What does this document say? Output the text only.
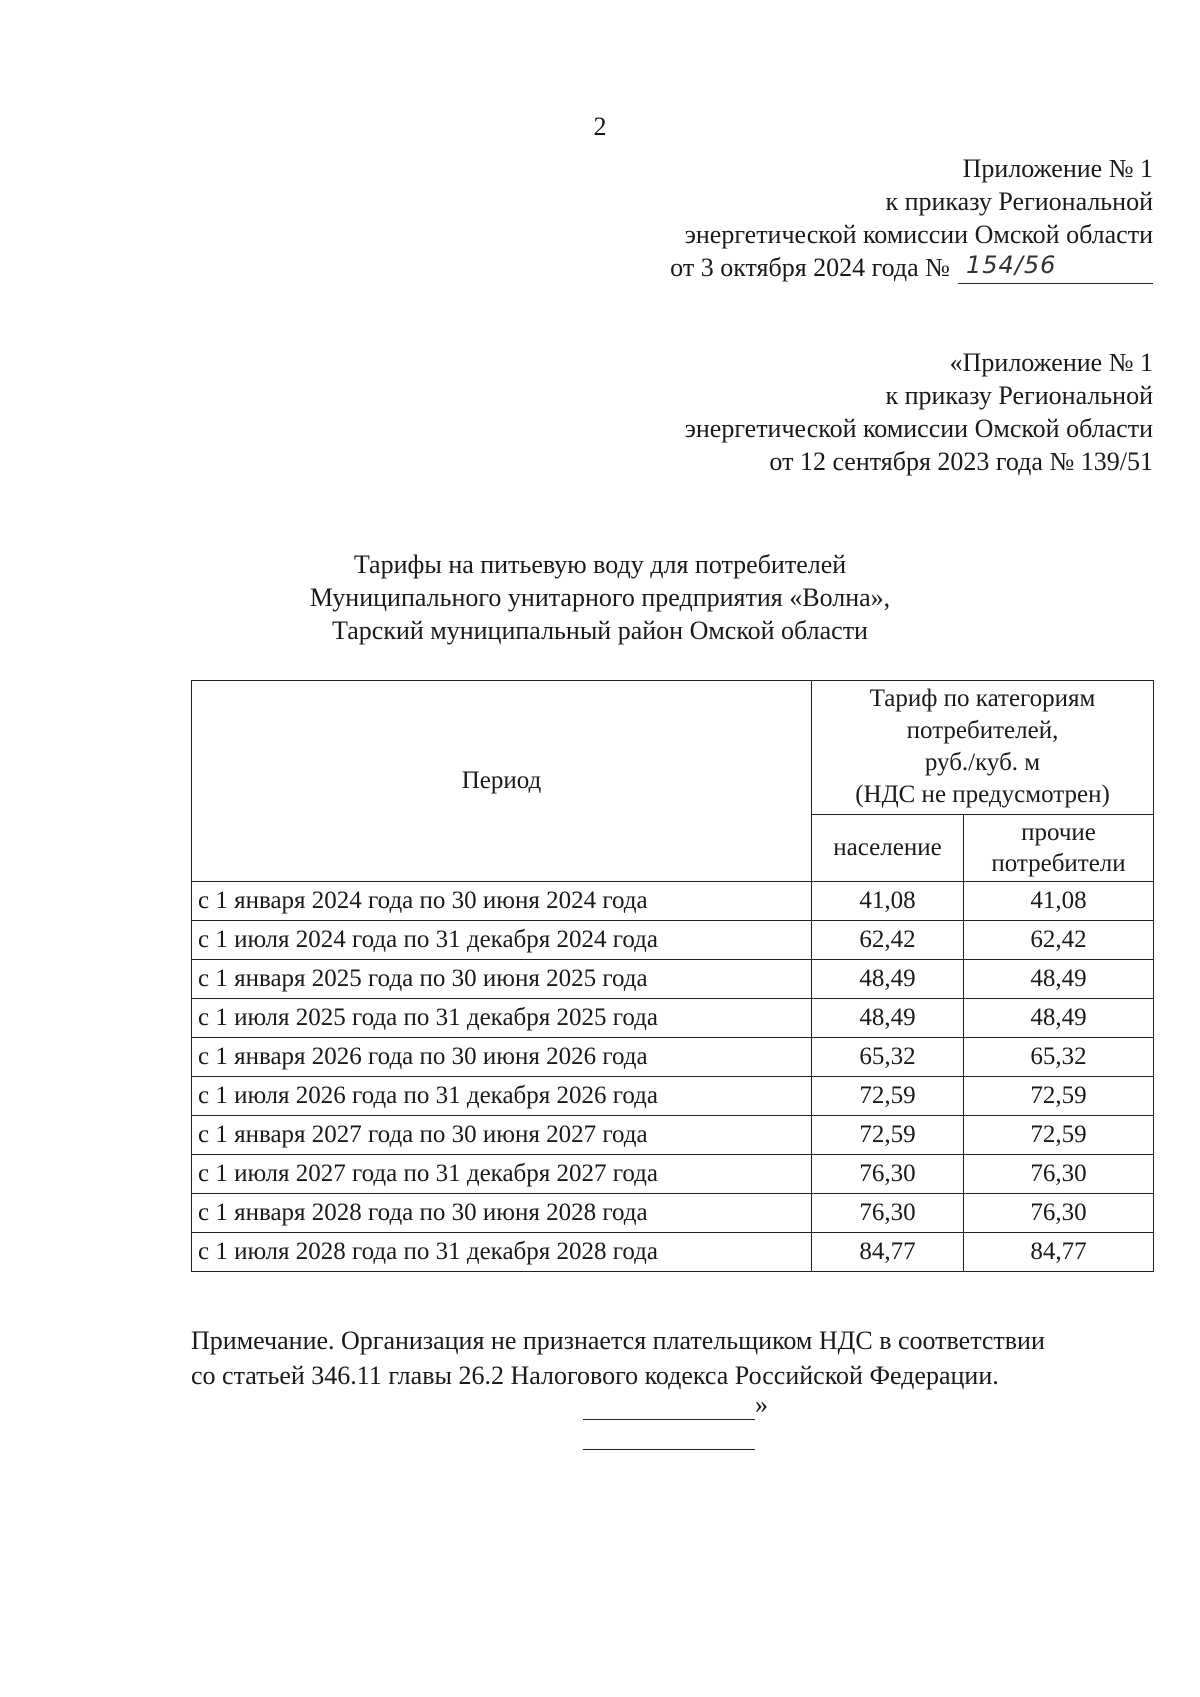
2
Приложение № 1
к приказу Региональной
энергетической комиссии Омской области
от 3 октября 2024 года № 154/56
«Приложение № 1
к приказу Региональной
энергетической комиссии Омской области
от 12 сентября 2023 года № 139/51
Тарифы на питьевую воду для потребителей
Муниципального унитарного предприятия «Волна»,
Тарский муниципальный район Омской области
Период	Тариф по категориям
потребителей,
руб./куб. м
(НДС не предусмотрен)	

	население	прочие
потребители

с 1 января 2024 года по 30 июня 2024 года	41,08	41,08
с 1 июля 2024 года по 31 декабря 2024 года	62,42	62,42
с 1 января 2025 года по 30 июня 2025 года	48,49	48,49
с 1 июля 2025 года по 31 декабря 2025 года	48,49	48,49
с 1 января 2026 года по 30 июня 2026 года	65,32	65,32
с 1 июля 2026 года по 31 декабря 2026 года	72,59	72,59
с 1 января 2027 года по 30 июня 2027 года	72,59	72,59
с 1 июля 2027 года по 31 декабря 2027 года	76,30	76,30
с 1 января 2028 года по 30 июня 2028 года	76,30	76,30
с 1 июля 2028 года по 31 декабря 2028 года	84,77	84,77
Примечание. Организация не признается плательщиком НДС в соответствии
со статьей 346.11 главы 26.2 Налогового кодекса Российской Федерации.
»
